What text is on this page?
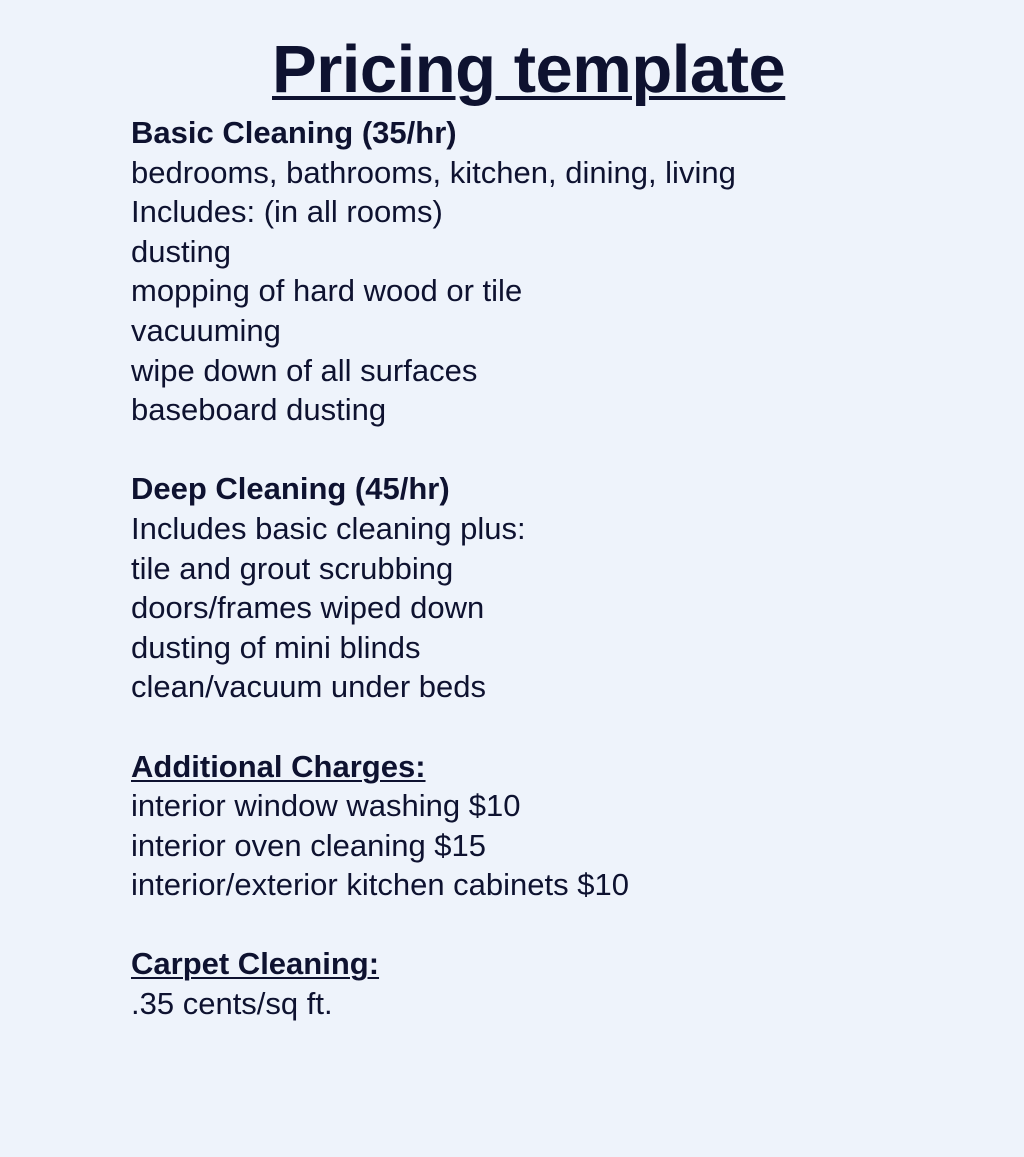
Pricing template
Basic Cleaning (35/hr)
bedrooms, bathrooms, kitchen, dining, living
Includes: (in all rooms)
dusting
mopping of hard wood or tile
vacuuming
wipe down of all surfaces
baseboard dusting
Deep Cleaning (45/hr)
Includes basic cleaning plus:
tile and grout scrubbing
doors/frames wiped down
dusting of mini blinds
clean/vacuum under beds
Additional Charges:
interior window washing $10
interior oven cleaning $15
interior/exterior kitchen cabinets $10
Carpet Cleaning:
.35 cents/sq ft.
